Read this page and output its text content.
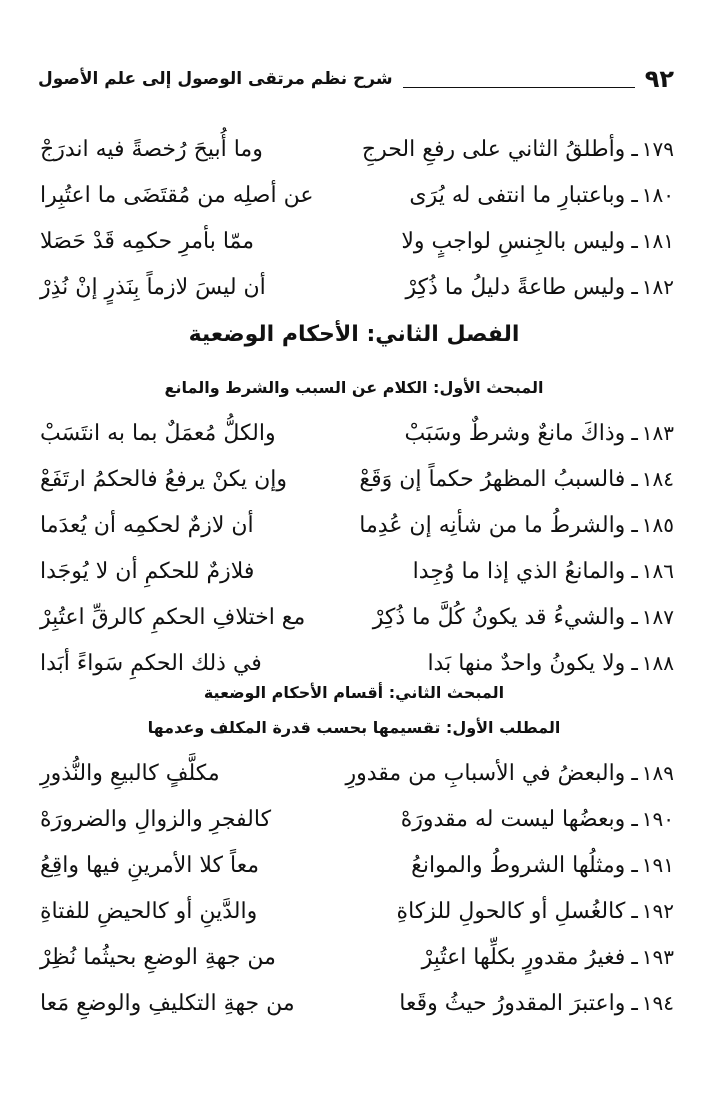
٩٢
شرح نظم مرتقى الوصول إلى علم الأصول
١٧٩
ـ
وأطلقُ الثاني على رفعِ الحرجِ
وما أُبيحَ رُخصةً فيه اندرَجْ
١٨٠
ـ
وباعتبارِ ما انتفى له يُرَى
عن أصلِه من مُقتَضَى ما اعتُبِرا
١٨١
ـ
وليس بالجِنسِ لواجبٍ ولا
ممّا بأمرِ حكمِه قَدْ حَصَلا
١٨٢
ـ
وليس طاعةً دليلُ ما ذُكِرْ
أن ليسَ لازماً بِنَذرٍ إنْ نُذِرْ
الفصل الثاني: الأحكام الوضعية
المبحث الأول: الكلام عن السبب والشرط والمانع
١٨٣
ـ
وذاكَ مانعٌ وشرطٌ وسَبَبْ
والكلُّ مُعمَلٌ بما به انتَسَبْ
١٨٤
ـ
فالسببُ المظهرُ حكماً إن وَقَعْ
وإن يكنْ يرفعُ فالحكمُ ارتَفَعْ
١٨٥
ـ
والشرطُ ما من شأنِه إن عُدِما
أن لازمٌ لحكمِه أن يُعدَما
١٨٦
ـ
والمانعُ الذي إذا ما وُجِدا
فلازمٌ للحكمِ أن لا يُوجَدا
١٨٧
ـ
والشيءُ قد يكونُ كُلَّ ما ذُكِرْ
مع اختلافِ الحكمِ كالرقِّ اعتُبِرْ
١٨٨
ـ
ولا يكونُ واحدٌ منها بَدا
في ذلك الحكمِ سَواءً أبَدا
المبحث الثاني: أقسام الأحكام الوضعية
المطلب الأول: تقسيمها بحسب قدرة المكلف وعدمها
١٨٩
ـ
والبعضُ في الأسبابِ من مقدورِ
مكلَّفٍ كالبيعِ والنُّذورِ
١٩٠
ـ
وبعضُها ليست له مقدورَهْ
كالفجرِ والزوالِ والضرورَهْ
١٩١
ـ
ومثلُها الشروطُ والموانعُ
معاً كلا الأمرينِ فيها واقِعُ
١٩٢
ـ
كالغُسلِ أو كالحولِ للزكاةِ
والدَّينِ أو كالحيضِ للفتاةِ
١٩٣
ـ
فغيرُ مقدورٍ بكلِّها اعتُبِرْ
من جهةِ الوضعِ بحيثُما نُظِرْ
١٩٤
ـ
واعتبرَ المقدورُ حيثُ وقَعا
من جهةِ التكليفِ والوضعِ مَعا
